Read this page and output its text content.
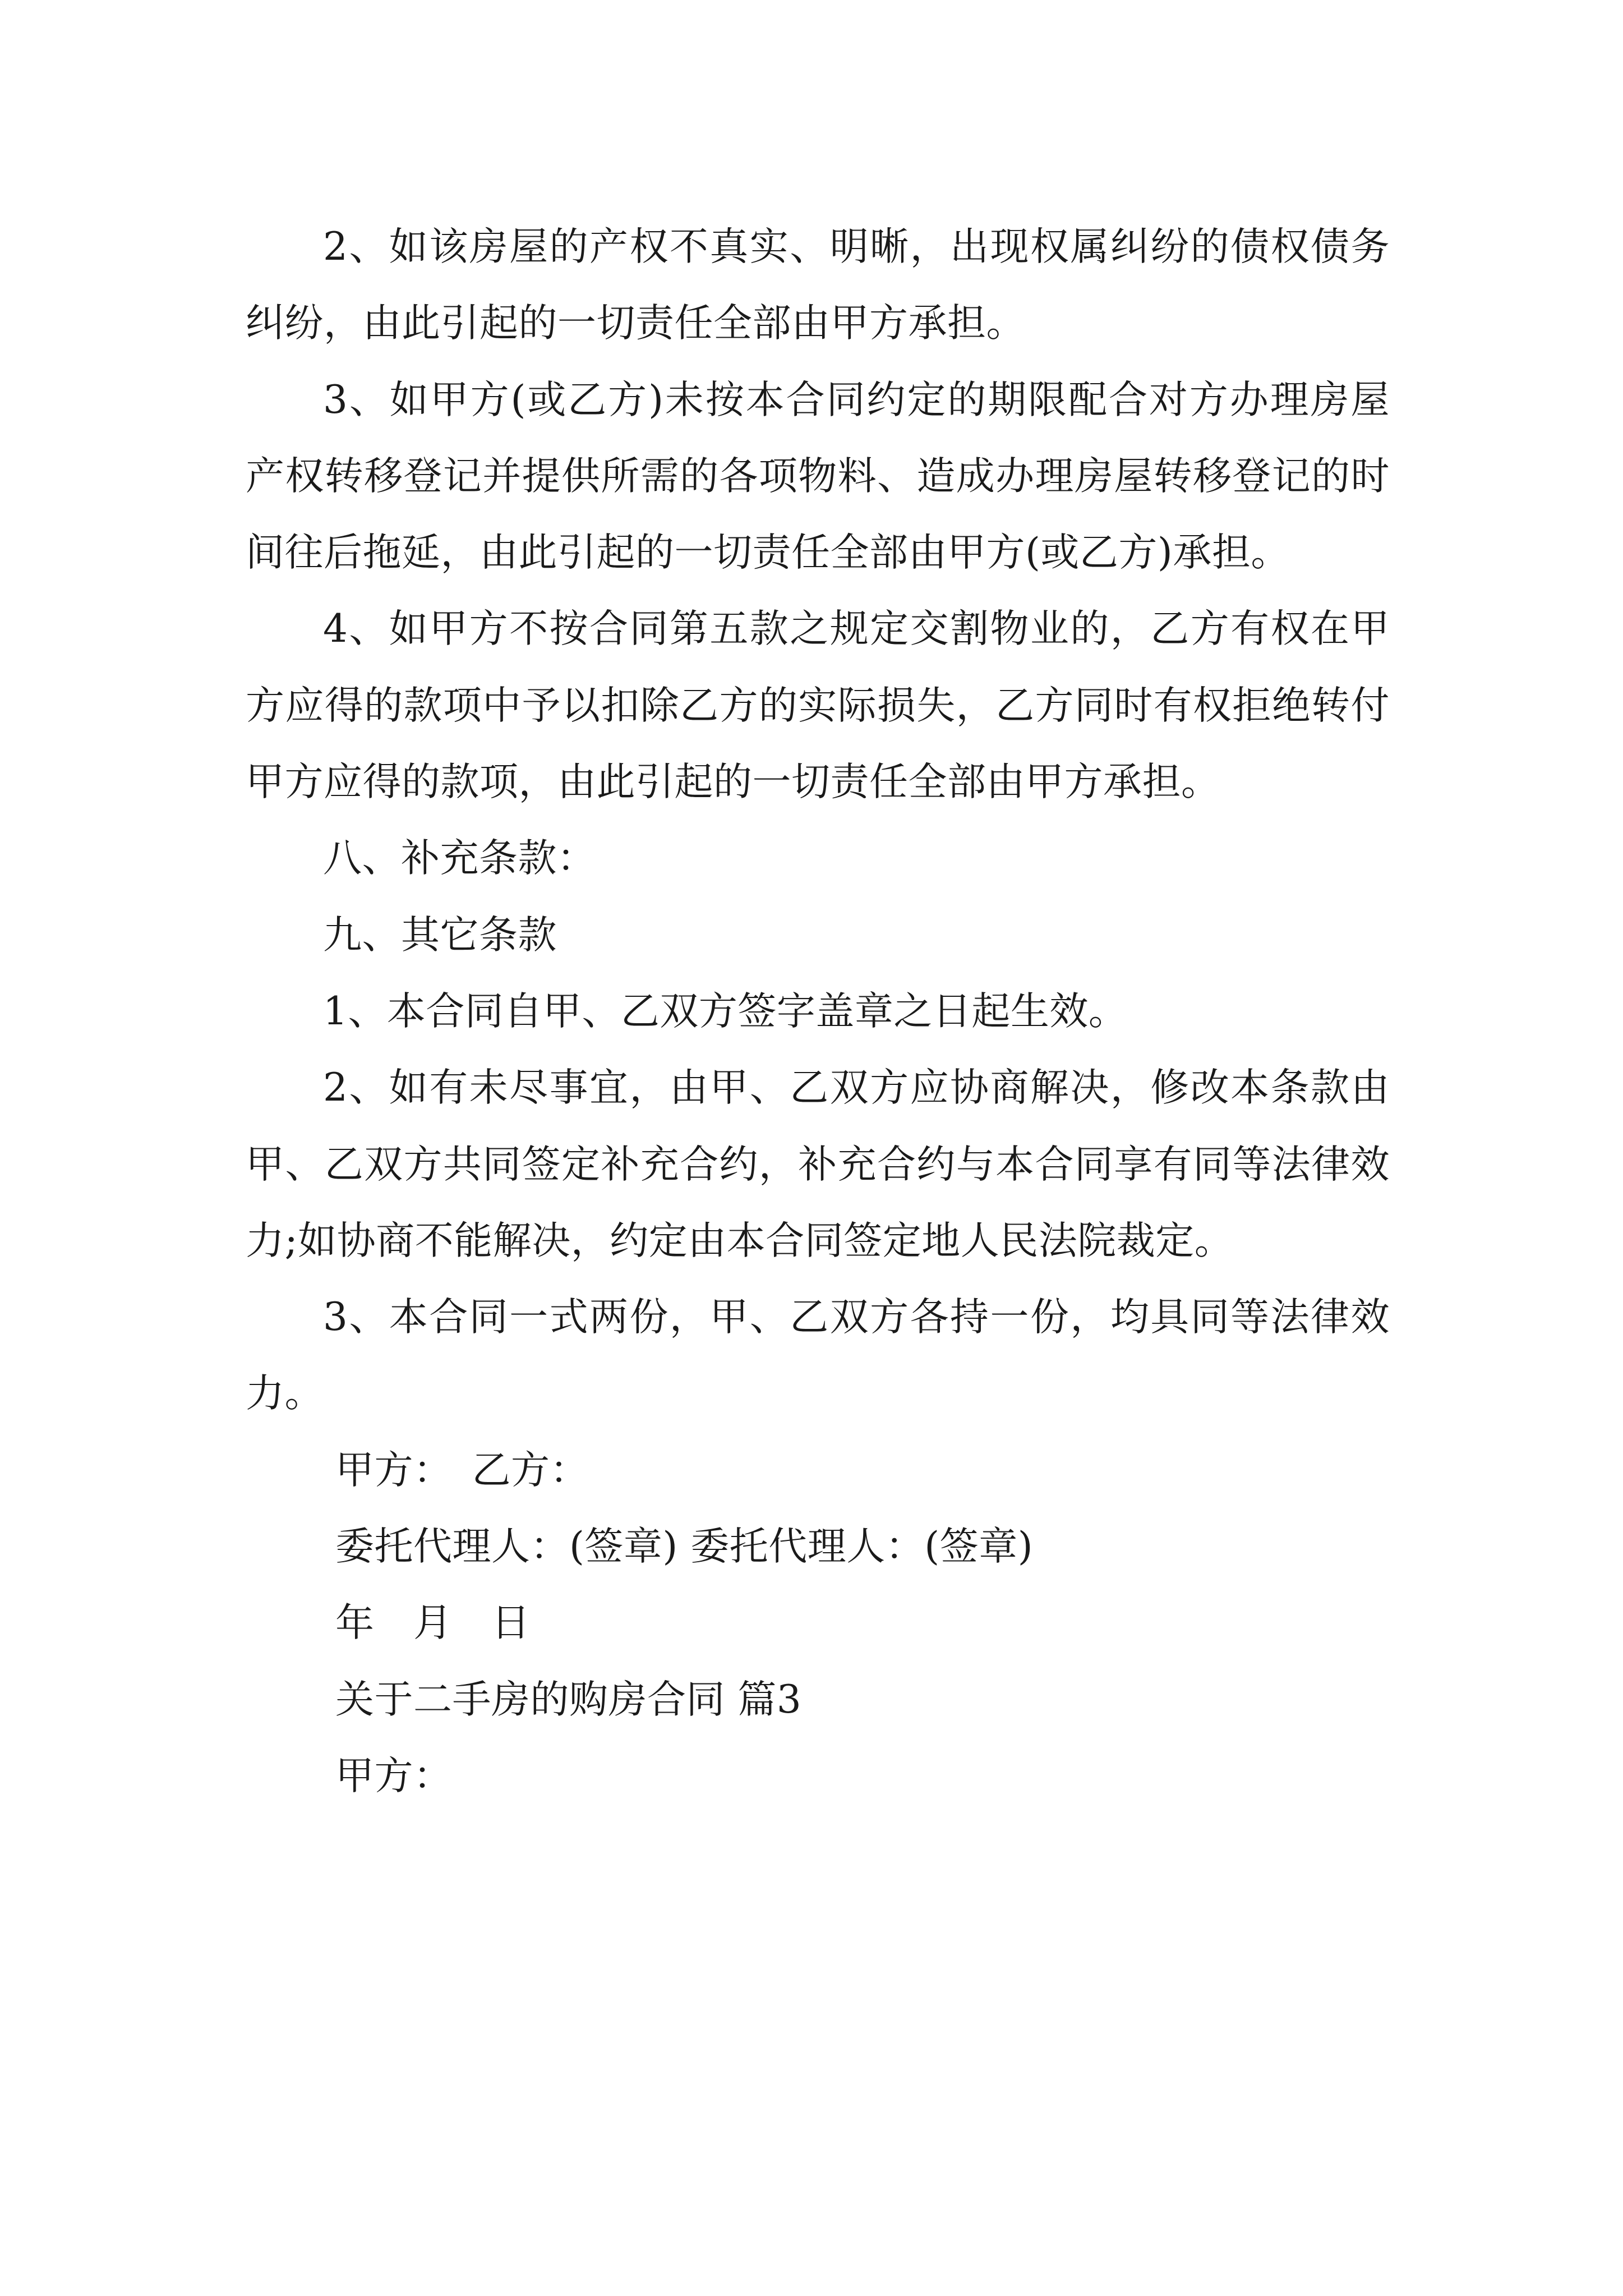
2、如该房屋的产权不真实、明晰，出现权属纠纷的债权债务纠纷，由此引起的一切责任全部由甲方承担。

3、如甲方(或乙方)未按本合同约定的期限配合对方办理房屋产权转移登记并提供所需的各项物料、造成办理房屋转移登记的时间往后拖延，由此引起的一切责任全部由甲方(或乙方)承担。

4、如甲方不按合同第五款之规定交割物业的，乙方有权在甲方应得的款项中予以扣除乙方的实际损失，乙方同时有权拒绝转付甲方应得的款项，由此引起的一切责任全部由甲方承担。

八、补充条款：

九、其它条款

1、本合同自甲、乙双方签字盖章之日起生效。

2、如有未尽事宜，由甲、乙双方应协商解决，修改本条款由甲、乙双方共同签定补充合约，补充合约与本合同享有同等法律效力;如协商不能解决，约定由本合同签定地人民法院裁定。

3、本合同一式两份，甲、乙双方各持一份，均具同等法律效力。

甲方：　乙方：

委托代理人：(签章) 委托代理人：(签章)

年　月　日

关于二手房的购房合同 篇3

甲方：
